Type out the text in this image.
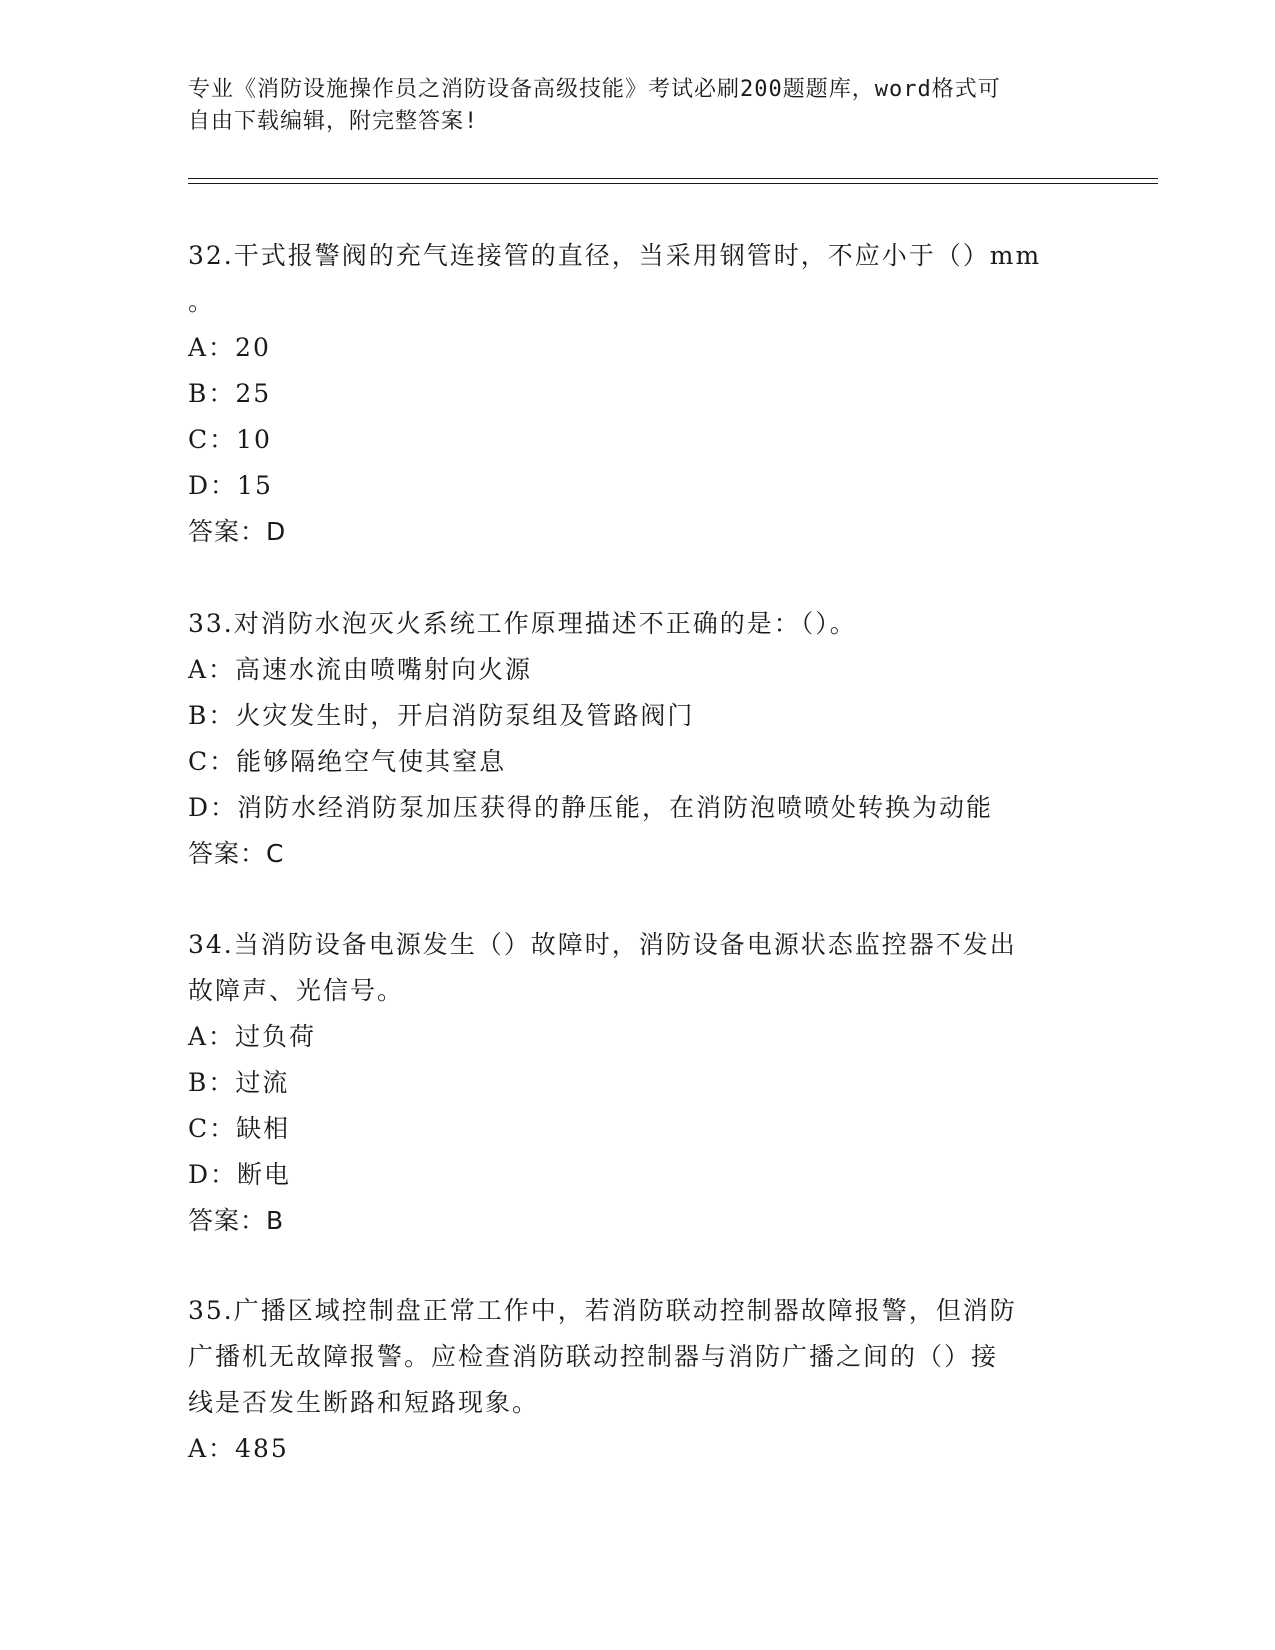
专业《消防设施操作员之消防设备高级技能》考试必刷200题题库，word格式可

自由下载编辑，附完整答案!

32.干式报警阀的充气连接管的直径，当采用钢管时，不应小于（）mm

。

A：20

B：25

C：10

D：15

答案：D

33.对消防水泡灭火系统工作原理描述不正确的是：（）。

A：高速水流由喷嘴射向火源

B：火灾发生时，开启消防泵组及管路阀门

C：能够隔绝空气使其窒息

D：消防水经消防泵加压获得的静压能，在消防泡喷喷处转换为动能

答案：C

34.当消防设备电源发生（）故障时，消防设备电源状态监控器不发出

故障声、光信号。

A：过负荷

B：过流

C：缺相

D：断电

答案：B

35.广播区域控制盘正常工作中，若消防联动控制器故障报警，但消防

广播机无故障报警。应检查消防联动控制器与消防广播之间的（）接

线是否发生断路和短路现象。

A：485
